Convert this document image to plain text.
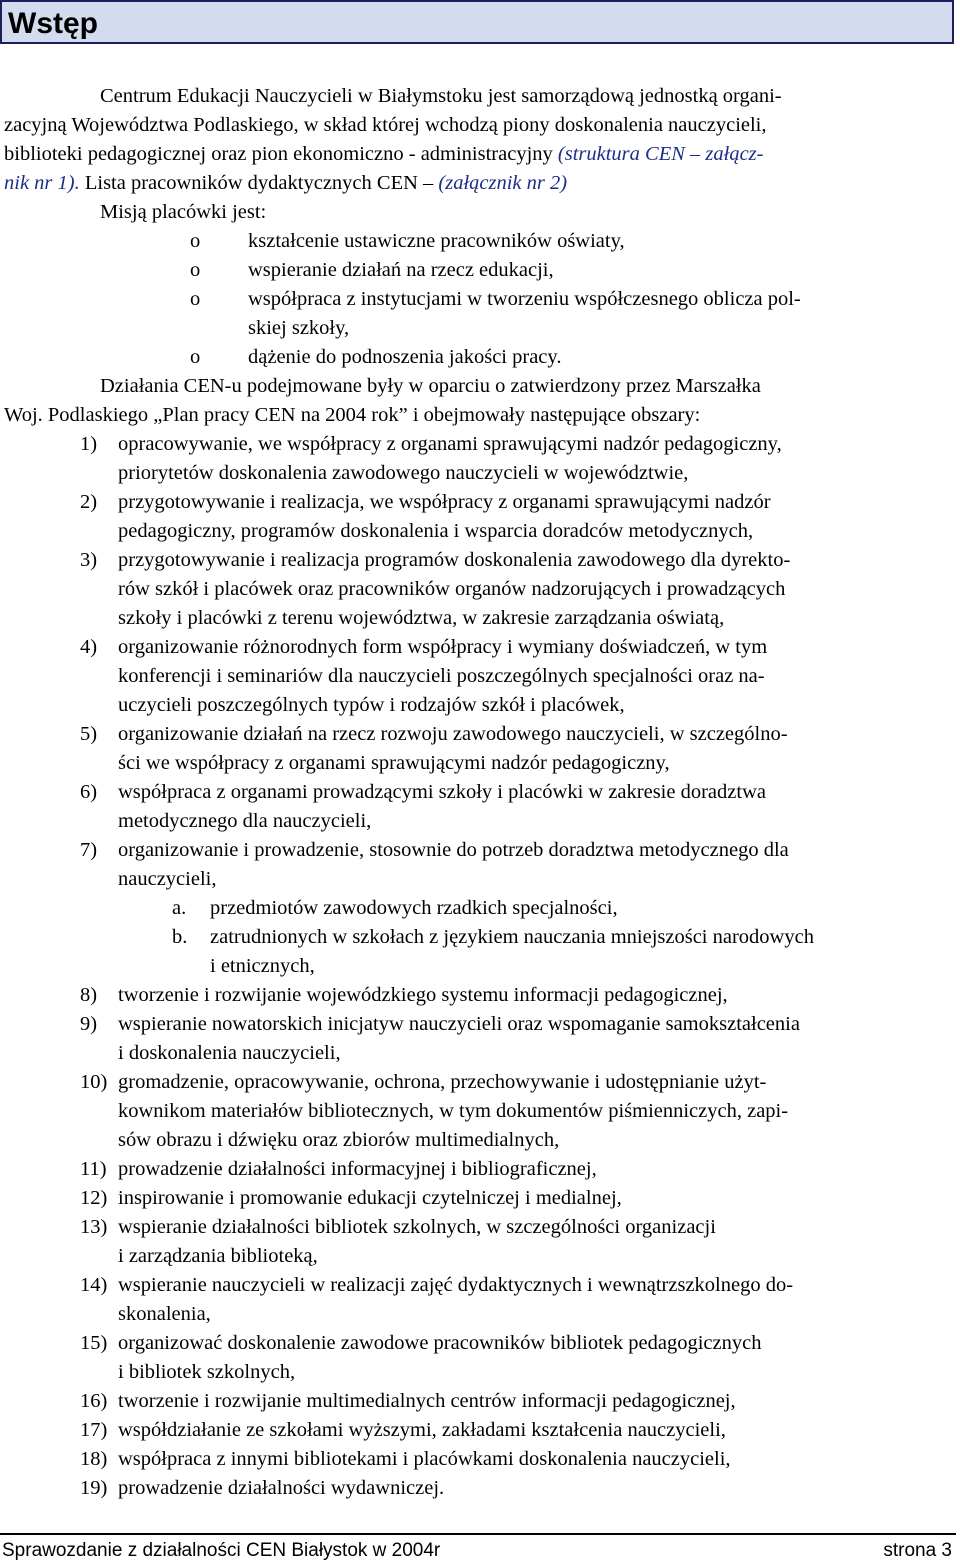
Wstęp
Centrum Edukacji Nauczycieli w Białymstoku jest samorządową jednostką organi-
zacyjną Województwa Podlaskiego, w skład której wchodzą piony doskonalenia nauczycieli,
biblioteki pedagogicznej oraz pion ekonomiczno - administracyjny (struktura CEN – załącz-
nik nr 1). Lista pracowników dydaktycznych CEN – (załącznik nr 2)
Misją placówki jest:
o kształcenie ustawiczne pracowników oświaty,
o wspieranie działań na rzecz edukacji,
o współpraca z instytucjami w tworzeniu współczesnego oblicza pol-
skiej szkoły,
o dążenie do podnoszenia jakości pracy.
Działania CEN-u podejmowane były w oparciu o zatwierdzony przez Marszałka
Woj. Podlaskiego „Plan pracy CEN na 2004 rok” i obejmowały następujące obszary:
1) opracowywanie, we współpracy z organami sprawującymi nadzór pedagogiczny,
priorytetów doskonalenia zawodowego nauczycieli w województwie,
2) przygotowywanie i realizacja, we współpracy z organami sprawującymi nadzór
pedagogiczny, programów doskonalenia i wsparcia doradców metodycznych,
3) przygotowywanie i realizacja programów doskonalenia zawodowego dla dyrekto-
rów szkół i placówek oraz pracowników organów nadzorujących i prowadzących
szkoły i placówki z terenu województwa, w zakresie zarządzania oświatą,
4) organizowanie różnorodnych form współpracy i wymiany doświadczeń, w tym
konferencji i seminariów dla nauczycieli poszczególnych specjalności oraz na-
uczycieli poszczególnych typów i rodzajów szkół i placówek,
5) organizowanie działań na rzecz rozwoju zawodowego nauczycieli, w szczególno-
ści we współpracy z organami sprawującymi nadzór pedagogiczny,
6) współpraca z organami prowadzącymi szkoły i placówki w zakresie doradztwa
metodycznego dla nauczycieli,
7) organizowanie i prowadzenie, stosownie do potrzeb doradztwa metodycznego dla
nauczycieli,
a. przedmiotów zawodowych rzadkich specjalności,
b. zatrudnionych w szkołach z językiem nauczania mniejszości narodowych
i etnicznych,
8) tworzenie i rozwijanie wojewódzkiego systemu informacji pedagogicznej,
9) wspieranie nowatorskich inicjatyw nauczycieli oraz wspomaganie samokształcenia
i doskonalenia nauczycieli,
10) gromadzenie, opracowywanie, ochrona, przechowywanie i udostępnianie użyt-
kownikom materiałów bibliotecznych, w tym dokumentów piśmienniczych, zapi-
sów obrazu i dźwięku oraz zbiorów multimedialnych,
11) prowadzenie działalności informacyjnej i bibliograficznej,
12) inspirowanie i promowanie edukacji czytelniczej i medialnej,
13) wspieranie działalności bibliotek szkolnych, w szczególności organizacji
i zarządzania biblioteką,
14) wspieranie nauczycieli w realizacji zajęć dydaktycznych i wewnątrzszkolnego do-
skonalenia,
15) organizować doskonalenie zawodowe pracowników bibliotek pedagogicznych
i bibliotek szkolnych,
16) tworzenie i rozwijanie multimedialnych centrów informacji pedagogicznej,
17) współdziałanie ze szkołami wyższymi, zakładami kształcenia nauczycieli,
18) współpraca z innymi bibliotekami i placówkami doskonalenia nauczycieli,
19) prowadzenie działalności wydawniczej.
Sprawozdanie z działalności CEN Białystok w 2004r	strona 3
